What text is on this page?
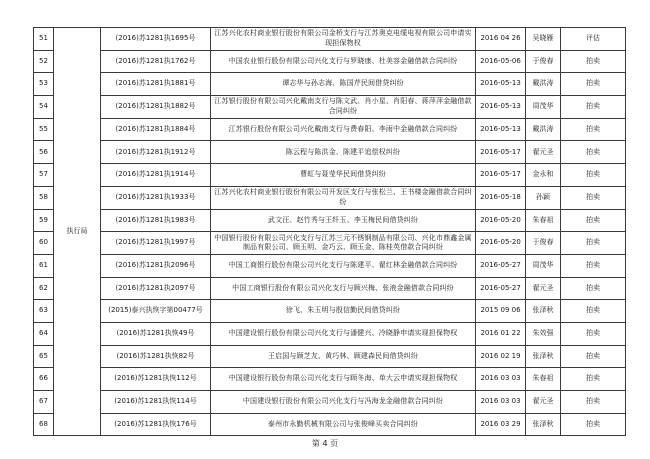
51	执行局	(2016)苏1281执1695号	江苏兴化农村商业银行股份有限公司金桥支行与江苏奥克电缆电视有限公司申请实现担保物权	2016 04 26	吴晓雁	评估
52		(2016)苏1281执1762号	中国农业银行股份有限公司兴化支行与罗晓康、杜美容金融借款合同纠纷	2016-05-06	于俊春	拍卖
53		(2016)苏1281执1881号	谭志华与孙志海、陈国芹民间借贷纠纷	2016-05-13	戴洪涛	拍卖
54		(2016)苏1281执1882号	江苏银行股份有限公司兴化戴南支行与陈文武、肖小星、肖阳春、蒋萍萍金融借款合同纠纷	2016-05-13	周茂华	拍卖
55		(2016)苏1281执1884号	江苏银行股份有限公司兴化戴南支行与费春阳、李雨中金融借款合同纠纷	2016-05-13	戴洪涛	拍卖
56		(2016)苏1281执1912号	陈云程与陈洪金、陈建平追偿权纠纷	2016-05-17	翟元圣	拍卖
57		(2016)苏1281执1914号	曹虹与聂莹华民间借贷纠纷	2016-05-17	金永和	拍卖
58		(2016)苏1281执1933号	江苏兴化农村商业银行股份有限公司开发区支行与张松兰、王书楼金融借款合同纠纷	2016-05-18	孙颖	拍卖
59		(2016)苏1281执1983号	武文汪、赵竹秀与王纤玉、李玉梅民间借贷纠纷	2016-05-20	朱春祖	拍卖
60		(2016)苏1281执1997号	中国银行股份有限公司兴化支行与江苏三元不锈钢制品有限公司、兴化市鼎鑫金属制品有限公司、顾玉明、金巧云、顾玉金、陈桂英借款合同纠纷	2016-05-20	于俊春	拍卖
61		(2016)苏1281执2096号	中国工商银行股份有限公司兴化支行与陈建平、翟红林金融借款合同纠纷	2016-05-27	周茂华	拍卖
62		(2016)苏1281执2097号	中国工商银行股份有限公司兴化支行与顾兴梅、张液金融借款合同纠纷	2016-05-27	翟元圣	拍卖
63		(2015)泰兴执恢字第00477号	徐飞、朱玉明与殷信勤民间借贷纠纷	2015 09 06	张泽秋	拍卖
64		(2016)苏1281执恢49号	中国建设银行股份有限公司兴化支行与潘健兴、冷晓静申请实现担保物权	2016 01 22	朱效强	拍卖
65		(2016)苏1281执恢82号	王启国与顾芝友、黄巧林、顾建森民间借贷纠纷	2016 02 19	张泽秋	拍卖
66		(2016)苏1281执恢112号	中国建设银行股份有限公司兴化支行与顾冬海、单大云申请实现担保物权	2016 03 03	朱春祖	拍卖
67		(2016)苏1281执恢114号	中国建设银行股份有限公司兴化支行与冯海龙金融借款合同纠纷	2016 03 03	翟元圣	拍卖
68		(2016)苏1281执恢176号	泰州市永勤机械有限公司与张俊峰买卖合同纠纷	2016 03 29	张泽秋	拍卖
第 4 页
